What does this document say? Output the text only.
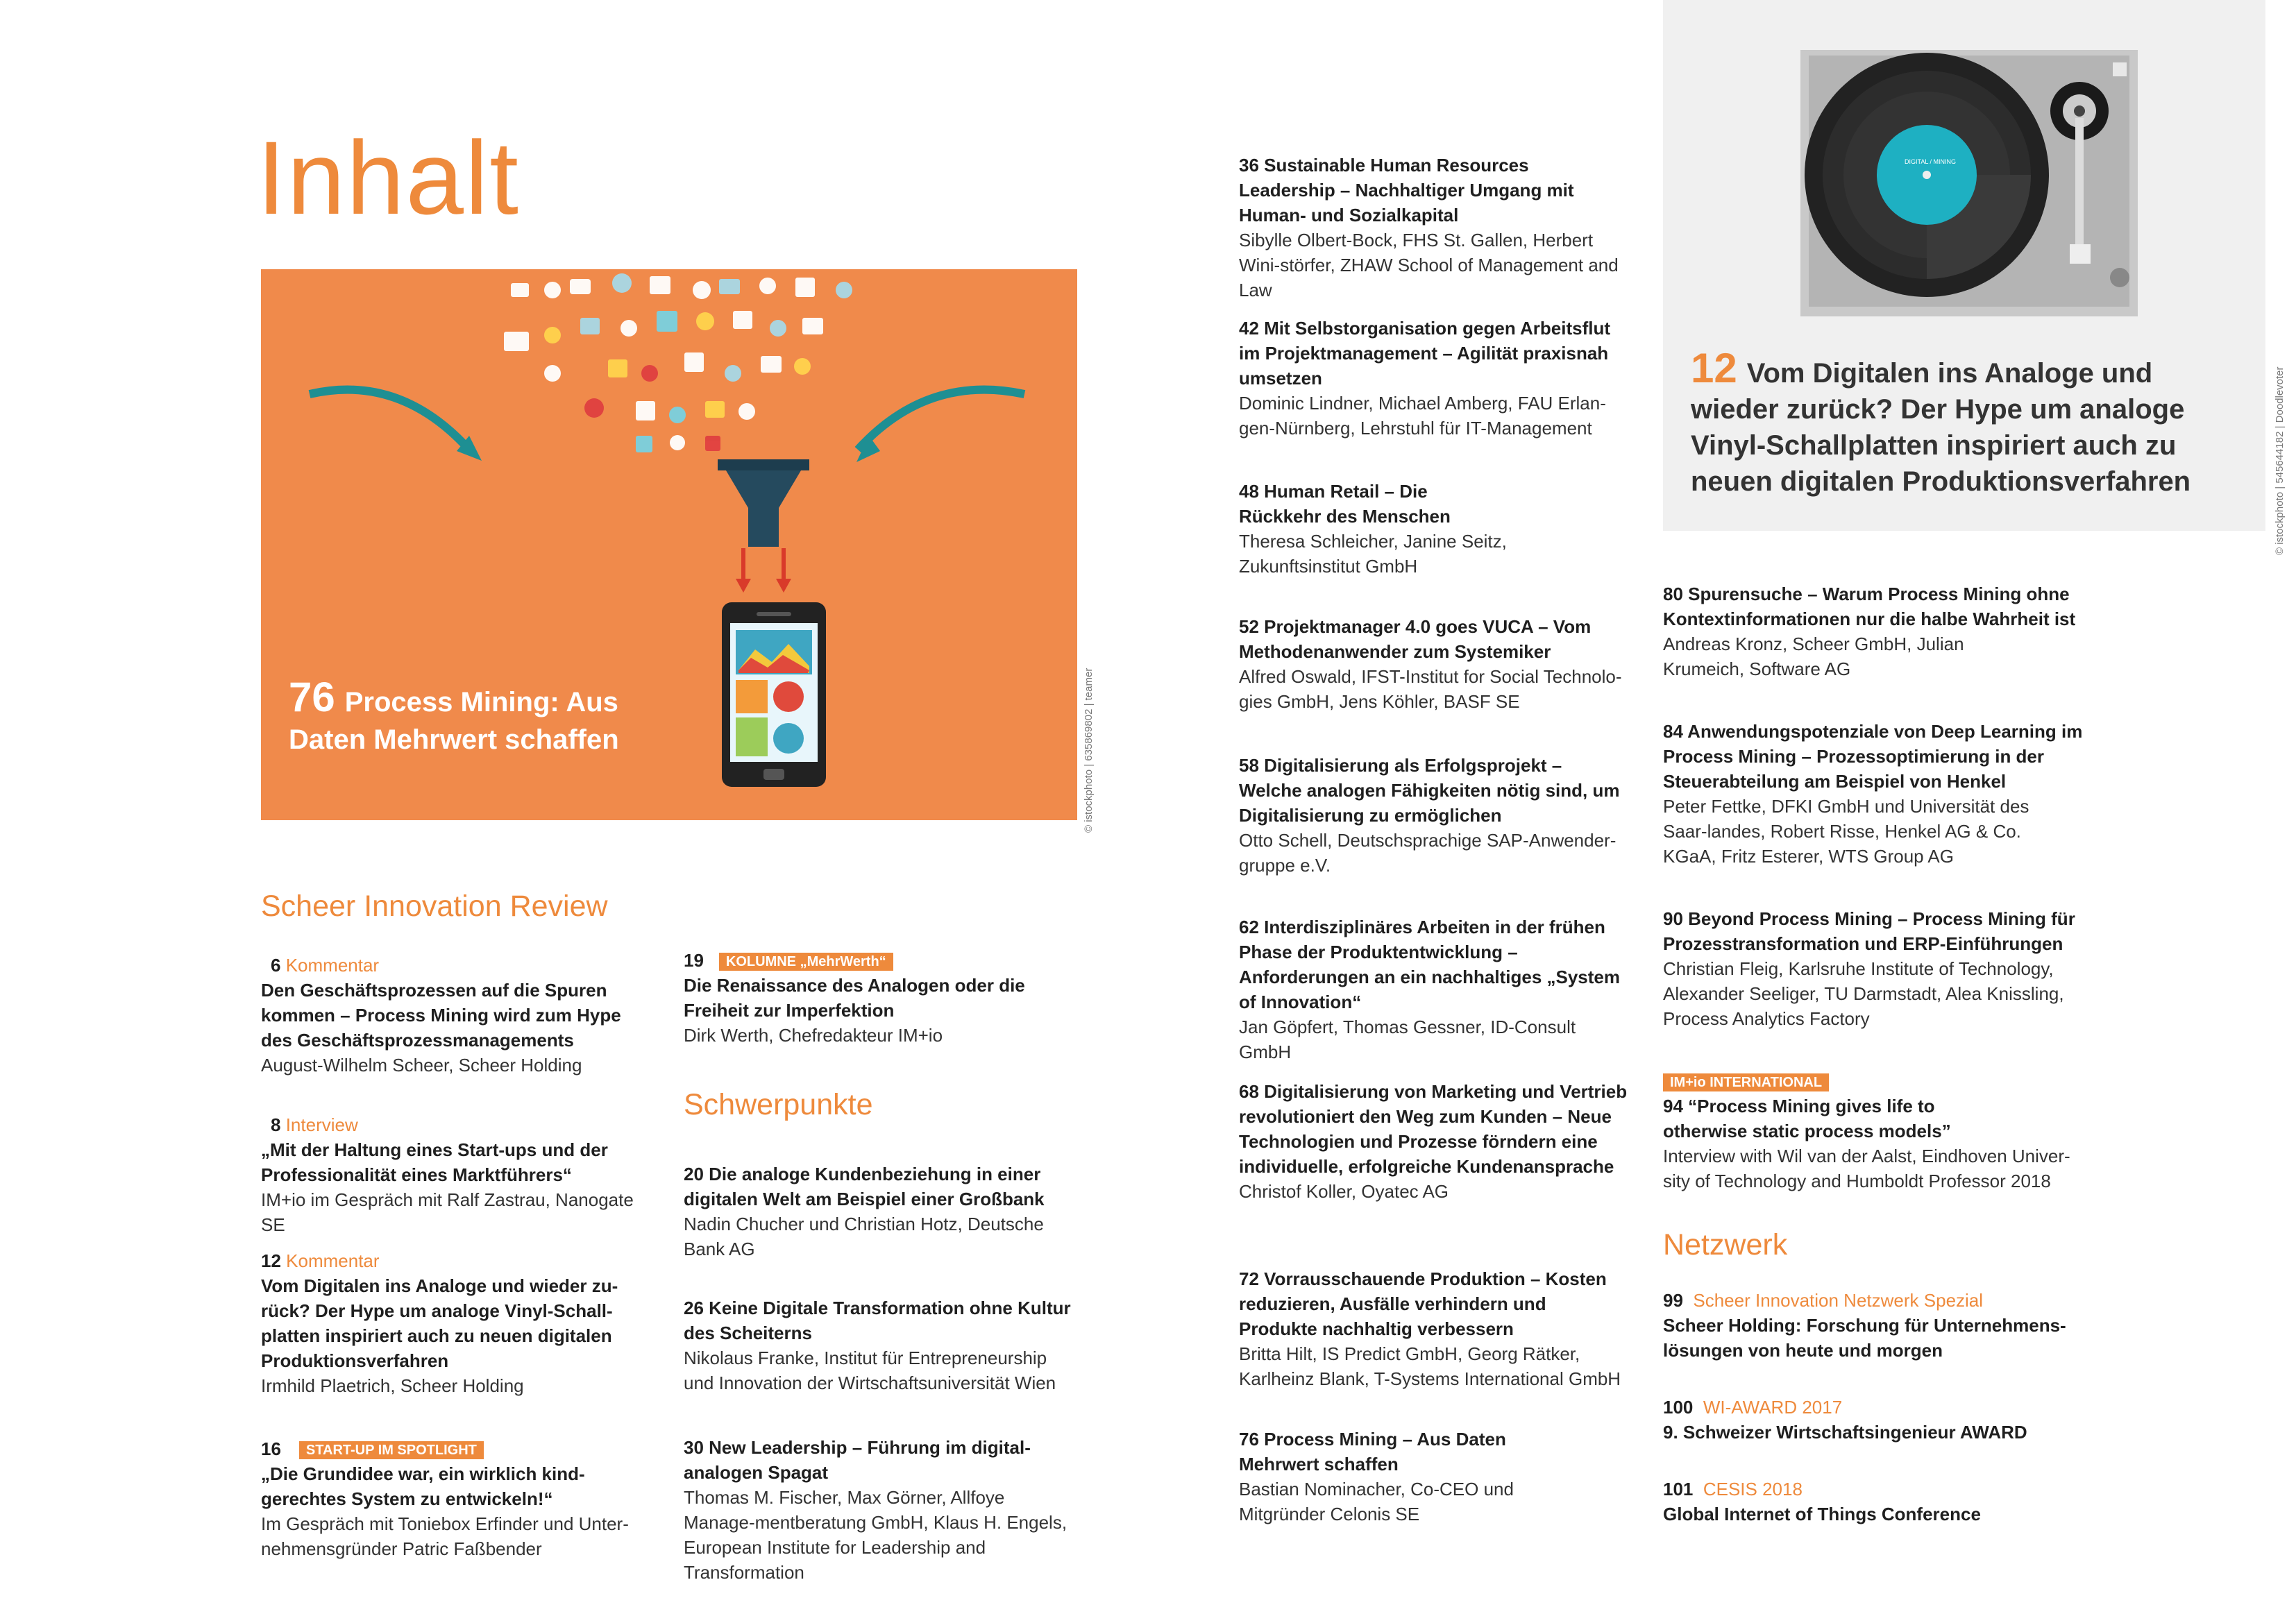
Inhalt
76 Process Mining: Aus Daten Mehrwert schaffen	© istockphoto | 635869802 | teamer
DIGITAL / MINING
12 Vom Digitalen ins Analoge und wieder zurück? Der Hype um analoge Vinyl-Schallplatten inspiriert auch zu neuen digitalen Produktionsverfahren	© istockphoto | 545644182 | Doodlevoter
Scheer Innovation Review
6 Kommentar
Den Geschäftsprozessen auf die Spuren kommen – Process Mining wird zum Hype des Geschäftsprozessmanagements
August-Wilhelm Scheer, Scheer Holding
8 Interview
„Mit der Haltung eines Start-ups und der Professionalität eines Marktführers“
IM+io im Gespräch mit Ralf Zastrau, Nanogate SE
12 Kommentar
Vom Digitalen ins Analoge und wieder zu-rück? Der Hype um analoge Vinyl-Schall-platten inspiriert auch zu neuen digitalen Produktionsverfahren
Irmhild Plaetrich, Scheer Holding
16 START-UP IM SPOTLIGHT
„Die Grundidee war, ein wirklich kind-gerechtes System zu entwickeln!“
Im Gespräch mit Toniebox Erfinder und Unter-nehmensgründer Patric Faßbender
19 KOLUMNE „MehrWerth“
Die Renaissance des Analogen oder die Freiheit zur Imperfektion
Dirk Werth, Chefredakteur IM+io
Schwerpunkte
20 Die analoge Kundenbeziehung in einer digitalen Welt am Beispiel einer Großbank
Nadin Chucher und Christian Hotz, Deutsche Bank AG
26 Keine Digitale Transformation ohne Kultur des Scheiterns
Nikolaus Franke, Institut für Entrepreneurship und Innovation der Wirtschaftsuniversität Wien
30 New Leadership – Führung im digital-analogen Spagat
Thomas M. Fischer, Max Görner, Allfoye Manage-mentberatung GmbH, Klaus H. Engels, European Institute for Leadership and Transformation
36 Sustainable Human Resources Leadership – Nachhaltiger Umgang mit Human- und Sozialkapital
Sibylle Olbert-Bock, FHS St. Gallen, Herbert Wini-störfer, ZHAW School of Management and Law
42 Mit Selbstorganisation gegen Arbeitsflut im Projektmanagement – Agilität praxisnah umsetzen
Dominic Lindner, Michael Amberg, FAU Erlan-gen-Nürnberg, Lehrstuhl für IT-Management
48 Human Retail – Die Rückkehr des Menschen
Theresa Schleicher, Janine Seitz, Zukunftsinstitut GmbH
52 Projektmanager 4.0 goes VUCA – Vom Methodenanwender zum Systemiker
Alfred Oswald, IFST-Institut for Social Technolo-gies GmbH, Jens Köhler, BASF SE
58 Digitalisierung als Erfolgsprojekt – Welche analogen Fähigkeiten nötig sind, um Digitalisierung zu ermöglichen
Otto Schell, Deutschsprachige SAP-Anwender-gruppe e.V.
62 Interdisziplinäres Arbeiten in der frühen Phase der Produktentwicklung – Anforderungen an ein nachhaltiges „System of Innovation“
Jan Göpfert, Thomas Gessner, ID-Consult GmbH
68 Digitalisierung von Marketing und Vertrieb revolutioniert den Weg zum Kunden – Neue Technologien und Prozesse förndern eine individuelle, erfolgreiche Kundenansprache
Christof Koller, Oyatec AG
72 Vorrausschauende Produktion – Kosten reduzieren, Ausfälle verhindern und Produkte nachhaltig verbessern
Britta Hilt, IS Predict GmbH, Georg Rätker, Karlheinz Blank, T-Systems International GmbH
76 Process Mining – Aus Daten Mehrwert schaffen
Bastian Nominacher, Co-CEO und Mitgründer Celonis SE
80 Spurensuche – Warum Process Mining ohne Kontextinformationen nur die halbe Wahrheit ist
Andreas Kronz, Scheer GmbH, Julian Krumeich, Software AG
84 Anwendungspotenziale von Deep Learning im Process Mining – Prozessoptimierung in der Steuerabteilung am Beispiel von Henkel
Peter Fettke, DFKI GmbH und Universität des Saar-landes, Robert Risse, Henkel AG & Co. KGaA, Fritz Esterer, WTS Group AG
90 Beyond Process Mining – Process Mining für Prozesstransformation und ERP-Einführungen
Christian Fleig, Karlsruhe Institute of Technology, Alexander Seeliger, TU Darmstadt, Alea Knissling, Process Analytics Factory
IM+io INTERNATIONAL
94 “Process Mining gives life to otherwise static process models”
Interview with Wil van der Aalst, Eindhoven Univer-sity of Technology and Humboldt Professor 2018
Netzwerk
99 Scheer Innovation Netzwerk Spezial
Scheer Holding: Forschung für Unternehmens-lösungen von heute und morgen
100 WI-AWARD 2017
9. Schweizer Wirtschaftsingenieur AWARD
101 CESIS 2018
Global Internet of Things Conference
